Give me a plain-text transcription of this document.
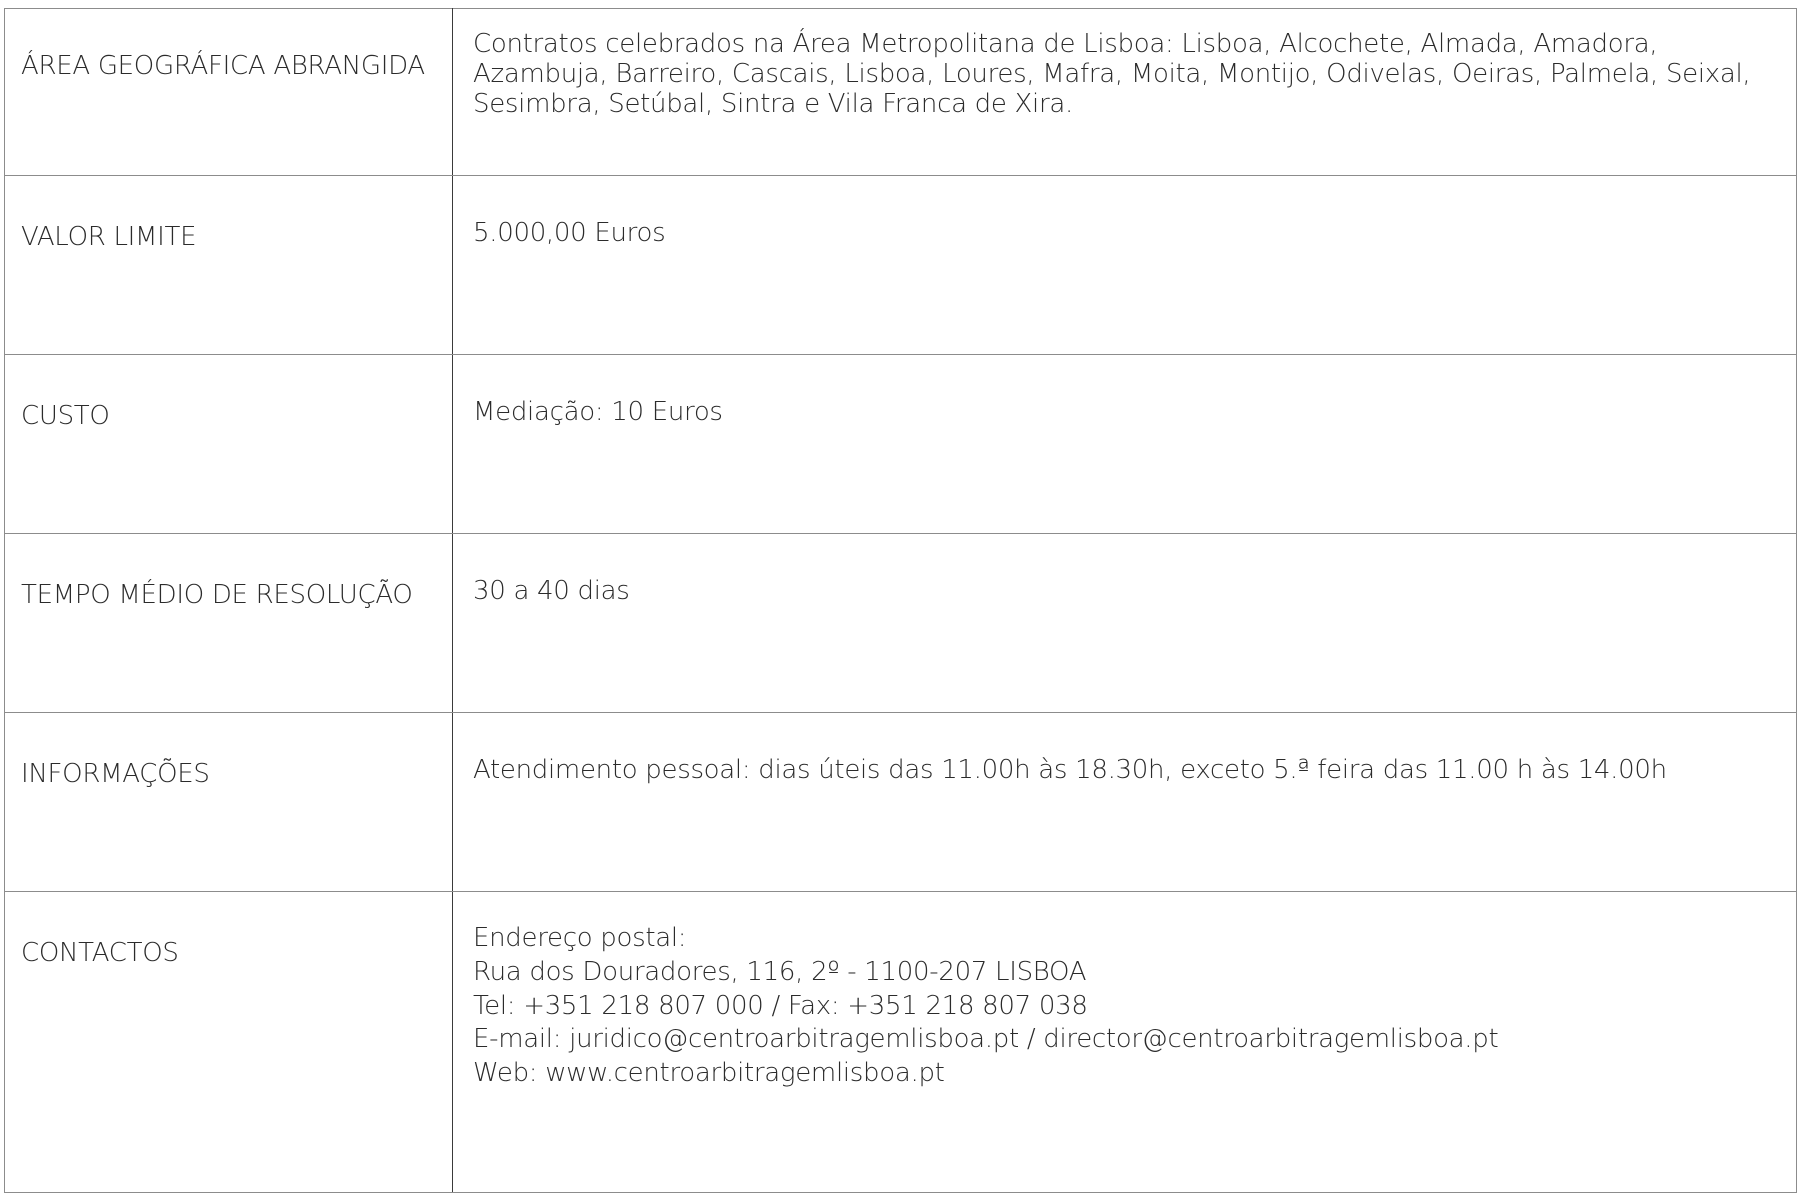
ÁREA GEOGRÁFICA ABRANGIDA	Contratos celebrados na Área Metropolitana de Lisboa: Lisboa, Alcochete, Almada, Amadora, Azambuja, Barreiro, Cascais, Lisboa, Loures, Mafra, Moita, Montijo, Odivelas, Oeiras, Palmela, Seixal, Sesimbra, Setúbal, Sintra e Vila Franca de Xira.
VALOR LIMITE	5.000,00 Euros
CUSTO	Mediação: 10 Euros
TEMPO MÉDIO DE RESOLUÇÃO	30 a 40 dias
INFORMAÇÕES	Atendimento pessoal: dias úteis das 11.00h às 18.30h, exceto 5.ª feira das 11.00 h às 14.00h
CONTACTOS	Endereço postal:
Rua dos Douradores, 116, 2º - 1100-207 LISBOA
Tel: +351 218 807 000 / Fax: +351 218 807 038
E-mail: juridico@centroarbitragemlisboa.pt / director@centroarbitragemlisboa.pt
Web: www.centroarbitragemlisboa.pt
